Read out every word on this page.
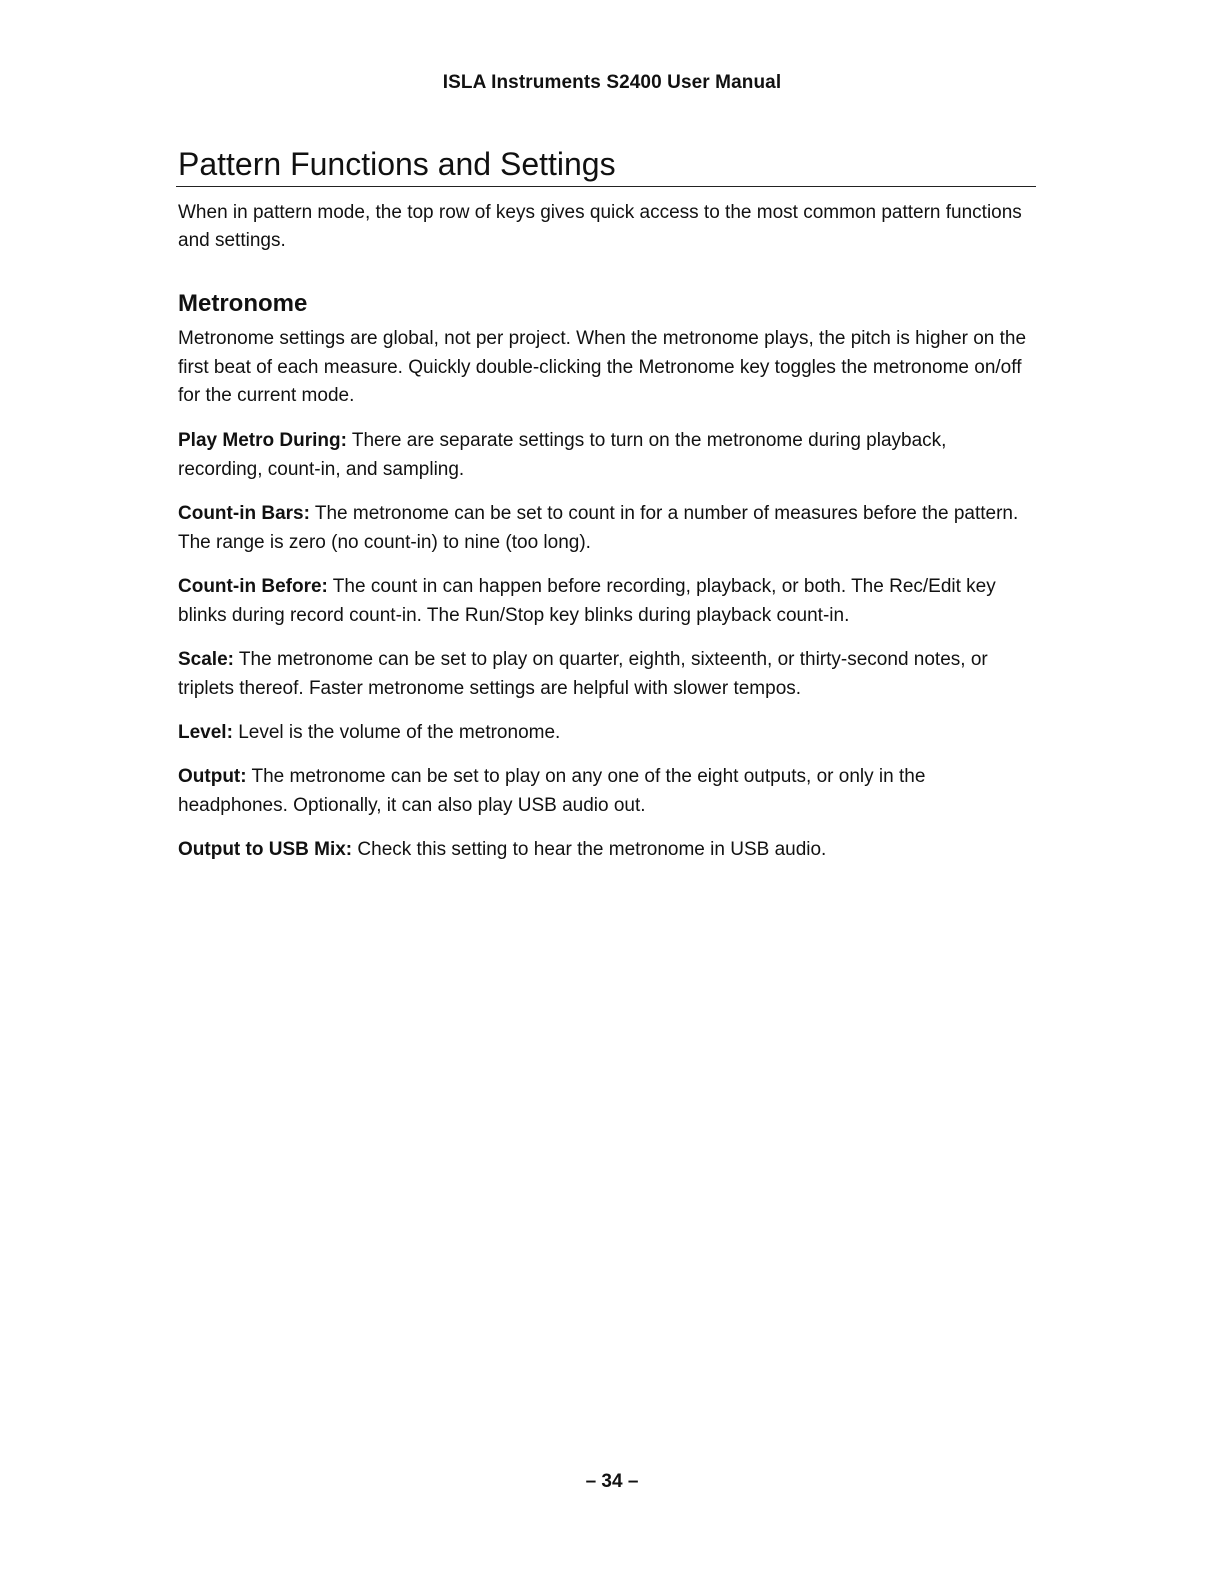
ISLA Instruments S2400 User Manual
Pattern Functions and Settings

When in pattern mode, the top row of keys gives quick access to the most common pattern functions and settings.

Metronome

Metronome settings are global, not per project. When the metronome plays, the pitch is higher on the first beat of each measure. Quickly double-clicking the Metronome key toggles the metronome on/off for the current mode.

Play Metro During: There are separate settings to turn on the metronome during playback, recording, count-in, and sampling.

Count-in Bars: The metronome can be set to count in for a number of measures before the pattern. The range is zero (no count-in) to nine (too long).

Count-in Before: The count in can happen before recording, playback, or both. The Rec/Edit key blinks during record count-in. The Run/Stop key blinks during playback count-in.

Scale: The metronome can be set to play on quarter, eighth, sixteenth, or thirty-second notes, or triplets thereof. Faster metronome settings are helpful with slower tempos.

Level: Level is the volume of the metronome.

Output: The metronome can be set to play on any one of the eight outputs, or only in the headphones. Optionally, it can also play USB audio out.

Output to USB Mix: Check this setting to hear the metronome in USB audio.

– 34 –
